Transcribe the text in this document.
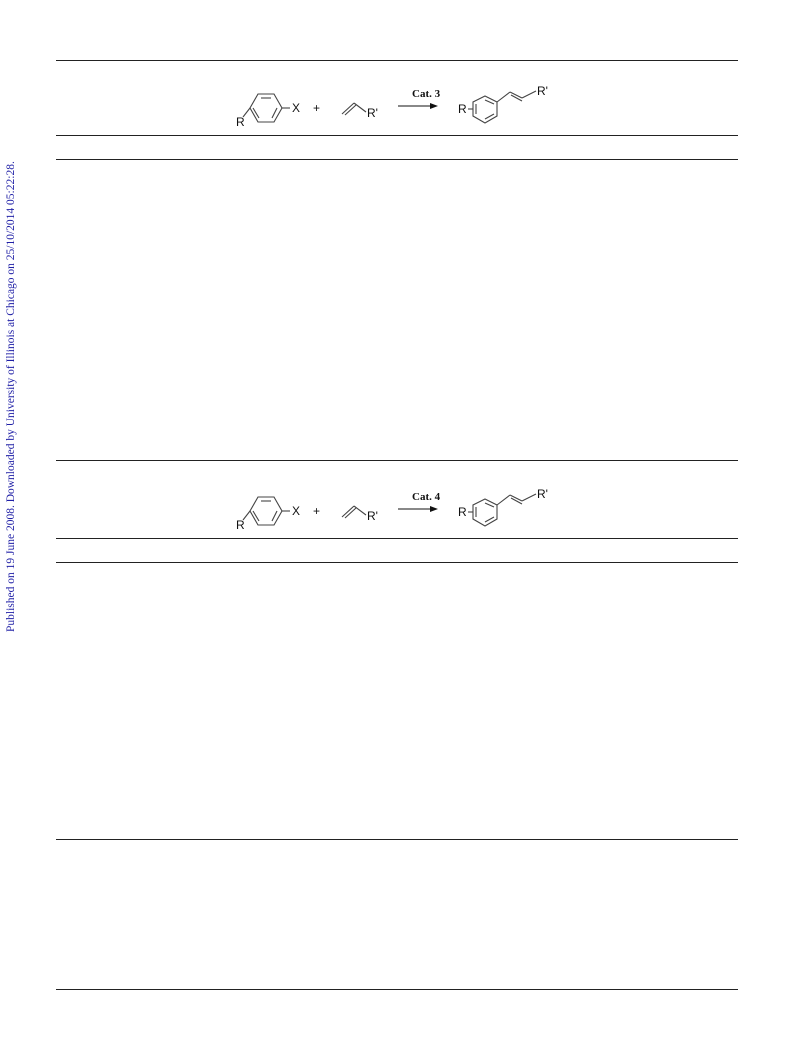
Published on 19 June 2008. Downloaded by University of Illinois at Chicago on 25/10/2014 05:22:28.
R
X +	R'
Cat. 3
R
R'
R
X +	R'
Cat. 4
R
R'
